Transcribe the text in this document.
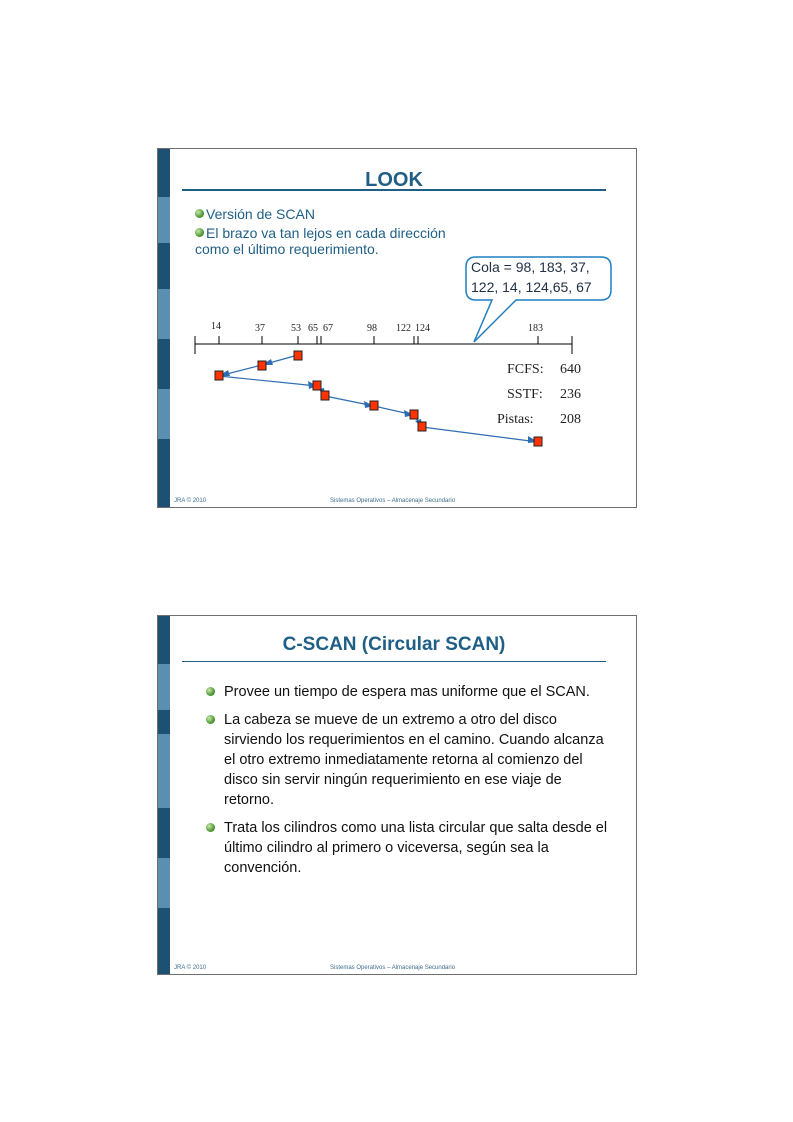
LOOK
Versión de SCAN
El brazo va tan lejos en cada dirección
como el último requerimiento.
14	37	53 65 67	98 122 124	183
Cola = 98, 183, 37,
122, 14, 124,65, 67
FCFS: 640
SSTF: 236
Pistas: 208
JRA © 2010	Sistemas Operativos – Almacenaje Secundario
C-SCAN (Circular SCAN)
Provee un tiempo de espera mas uniforme que el SCAN.
La cabeza se mueve de un extremo a otro del disco sirviendo los requerimientos en el camino. Cuando alcanza el otro extremo inmediatamente retorna al comienzo del disco sin servir ningún requerimiento en ese viaje de retorno.
Trata los cilindros como una lista circular que salta desde el último cilindro al primero o viceversa, según sea la convención.
JRA © 2010	Sistemas Operativos – Almacenaje Secundario
